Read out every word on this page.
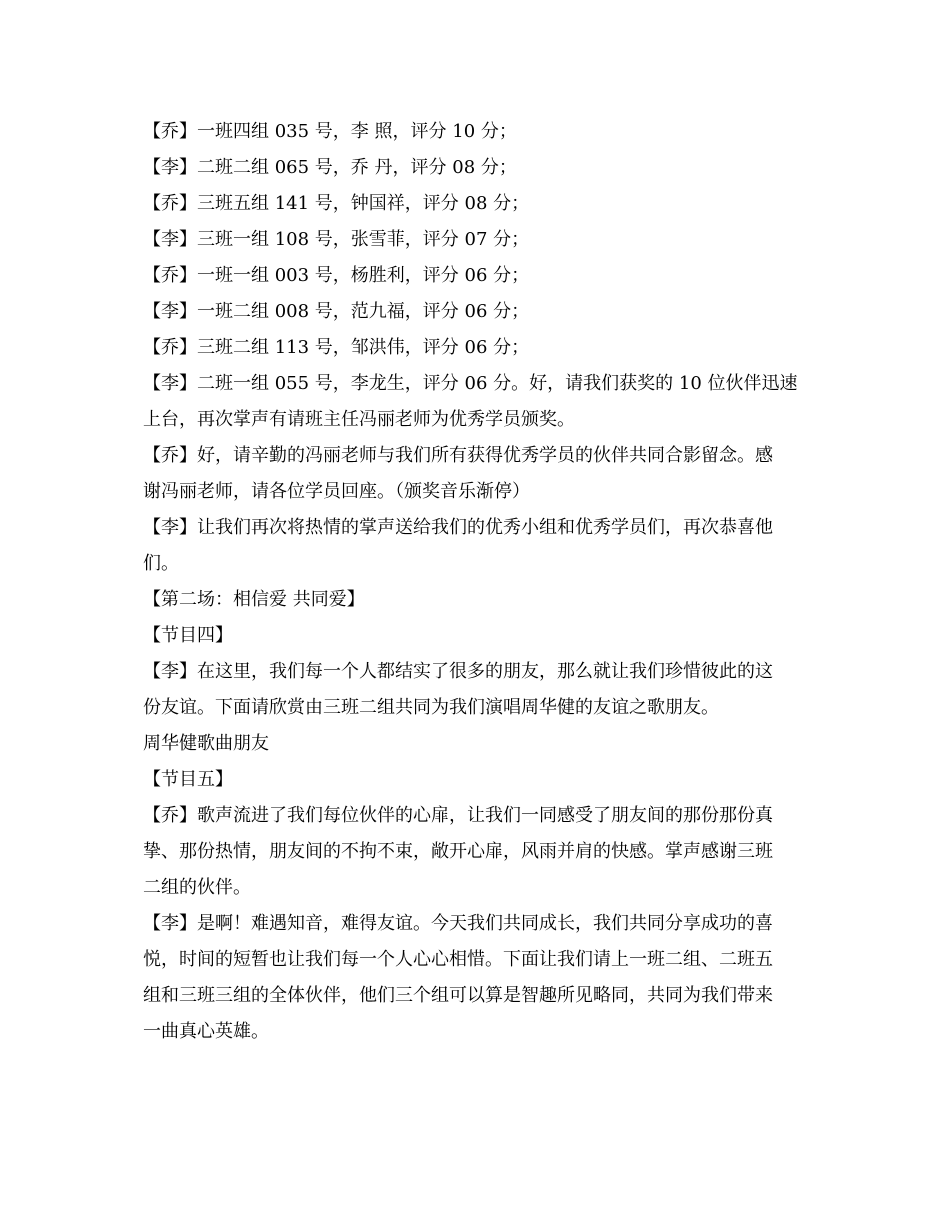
【乔】一班四组 035 号，李 照，评分 10 分；
【李】二班二组 065 号，乔 丹，评分 08 分；
【乔】三班五组 141 号，钟国祥，评分 08 分；
【李】三班一组 108 号，张雪菲，评分 07 分；
【乔】一班一组 003 号，杨胜利，评分 06 分；
【李】一班二组 008 号，范九福，评分 06 分；
【乔】三班二组 113 号，邹洪伟，评分 06 分；
【李】二班一组 055 号，李龙生，评分 06 分。好，请我们获奖的 10 位伙伴迅速
上台，再次掌声有请班主任冯丽老师为优秀学员颁奖。
【乔】好，请辛勤的冯丽老师与我们所有获得优秀学员的伙伴共同合影留念。感
谢冯丽老师，请各位学员回座。（颁奖音乐渐停）
【李】让我们再次将热情的掌声送给我们的优秀小组和优秀学员们，再次恭喜他
们。
【第二场：相信爱 共同爱】
【节目四】
【李】在这里，我们每一个人都结实了很多的朋友，那么就让我们珍惜彼此的这
份友谊。下面请欣赏由三班二组共同为我们演唱周华健的友谊之歌朋友。
周华健歌曲朋友
【节目五】
【乔】歌声流进了我们每位伙伴的心扉，让我们一同感受了朋友间的那份那份真
挚、那份热情，朋友间的不拘不束，敞开心扉，风雨并肩的快感。掌声感谢三班
二组的伙伴。
【李】是啊！难遇知音，难得友谊。今天我们共同成长，我们共同分享成功的喜
悦，时间的短暂也让我们每一个人心心相惜。下面让我们请上一班二组、二班五
组和三班三组的全体伙伴，他们三个组可以算是智趣所见略同，共同为我们带来
一曲真心英雄。
